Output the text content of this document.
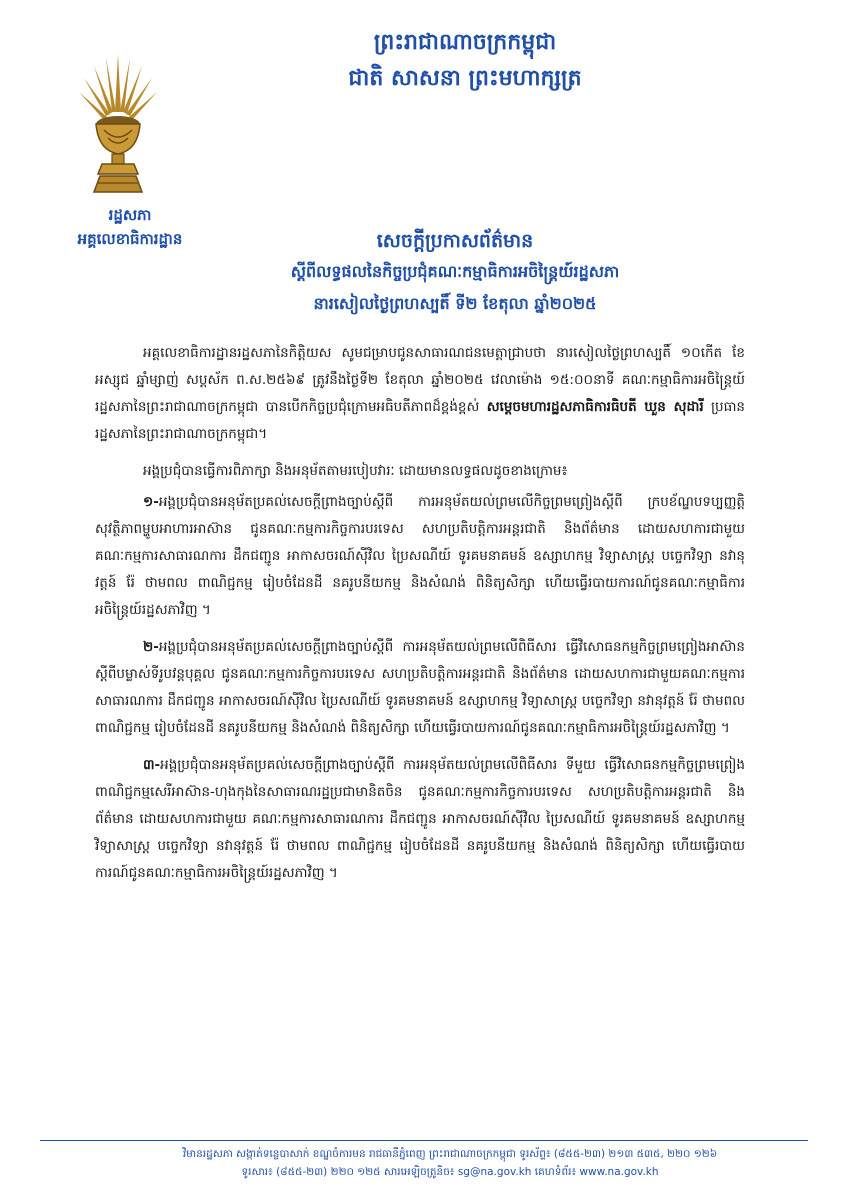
ព្រះរាជាណាចក្រកម្ពុជា
ជាតិ សាសនា ព្រះមហាក្សត្រ
រដ្ឋសភា
អគ្គលេខាធិការដ្ឋាន	សេចក្តីប្រកាសព័ត៌មាន
ស្តីពីលទ្ធផលនៃកិច្ចប្រជុំគណៈកម្មាធិការអចិន្ត្រៃយ៍រដ្ឋសភា
នារសៀលថ្ងៃព្រហស្បតិ៍ ទី២ ខែតុលា ឆ្នាំ២០២៥

អគ្គលេខាធិការដ្ឋានរដ្ឋសភានៃកិត្តិយស សូមជម្រាបជូនសាធារណជនមេត្តាជ្រាបថា នារសៀលថ្ងៃព្រហស្បតិ៍ ១០កើត ខែអស្សុជ ឆ្នាំម្សាញ់ សប្តស័ក ព.ស.២៥៦៩ ត្រូវនឹងថ្ងៃទី២ ខែតុលា ឆ្នាំ២០២៥ វេលាម៉ោង ១៥:០០នាទី គណៈកម្មាធិការអចិន្ត្រៃយ៍រដ្ឋសភានៃព្រះរាជាណាចក្រកម្ពុជា បានបើកកិច្ចប្រជុំក្រោមអធិបតីភាពដ៏ខ្ពង់ខ្ពស់ សម្តេចមហារដ្ឋសភាធិការធិបតី ឃួន សុដារី ប្រធានរដ្ឋសភានៃព្រះរាជាណាចក្រកម្ពុជា។

អង្គប្រជុំបានធ្វើការពិភាក្សា និងអនុម័តតាមរបៀបវារៈ ដោយមានលទ្ធផលដូចខាងក្រោម៖

១-អង្គប្រជុំបានអនុម័តប្រគល់សេចក្តីព្រាងច្បាប់ស្តីពី ការអនុម័តយល់ព្រមលើកិច្ចព្រមព្រៀងស្តីពី ក្របខ័ណ្ឌបទប្បញ្ញត្តិសុវត្ថិភាពម្ហូបអាហារអាស៊ាន ជូនគណៈកម្មការកិច្ចការបរទេស សហប្រតិបត្តិការអន្តរជាតិ និងព័ត៌មាន ដោយសហការជាមួយ គណៈកម្មការសាធារណការ ដឹកជញ្ជូន អាកាសចរណ៍ស៊ីវិល ប្រៃសណីយ៍ ទូរគមនាគមន៍ ឧស្សាហកម្ម វិទ្យាសាស្ត្រ បច្ចេកវិទ្យា នវានុវត្តន៍ រ៉ែ ថាមពល ពាណិជ្ជកម្ម រៀបចំដែនដី នគរូបនីយកម្ម និងសំណង់ ពិនិត្យសិក្សា ហើយធ្វើរបាយការណ៍ជូនគណៈកម្មាធិការអចិន្ត្រៃយ៍រដ្ឋសភាវិញ ។

២-អង្គប្រជុំបានអនុម័តប្រគល់សេចក្តីព្រាងច្បាប់ស្តីពី ការអនុម័តយល់ព្រមលើពិធីសារ ធ្វើវិសោធនកម្មកិច្ចព្រមព្រៀងអាស៊ានស្តីពីបម្លាស់ទីរូបវន្តបុគ្គល ជូនគណៈកម្មការកិច្ចការបរទេស សហប្រតិបត្តិការអន្តរជាតិ និងព័ត៌មាន ដោយសហការជាមួយគណៈកម្មការសាធារណការ ដឹកជញ្ជូន អាកាសចរណ៍ស៊ីវិល ប្រៃសណីយ៍ ទូរគមនាគមន៍ ឧស្សាហកម្ម វិទ្យាសាស្ត្រ បច្ចេកវិទ្យា នវានុវត្តន៍ រ៉ែ ថាមពល ពាណិជ្ជកម្ម រៀបចំដែនដី នគរូបនីយកម្ម និងសំណង់ ពិនិត្យសិក្សា ហើយធ្វើរបាយការណ៍ជូនគណៈកម្មាធិការអចិន្ត្រៃយ៍រដ្ឋសភាវិញ ។

៣-អង្គប្រជុំបានអនុម័តប្រគល់សេចក្តីព្រាងច្បាប់ស្តីពី ការអនុម័តយល់ព្រមលើពិធីសារ ទីមួយ ធ្វើវិសោធនកម្មកិច្ចព្រមព្រៀងពាណិជ្ជកម្មសេរីអាស៊ាន-ហុងកុងនៃសាធារណរដ្ឋប្រជាមានិតចិន ជូនគណៈកម្មការកិច្ចការបរទេស សហប្រតិបត្តិការអន្តរជាតិ និងព័ត៌មាន ដោយសហការជាមួយ គណៈកម្មការសាធារណការ ដឹកជញ្ជូន អាកាសចរណ៍ស៊ីវិល ប្រៃសណីយ៍ ទូរគមនាគមន៍ ឧស្សាហកម្ម វិទ្យាសាស្ត្រ បច្ចេកវិទ្យា នវានុវត្តន៍ រ៉ែ ថាមពល ពាណិជ្ជកម្ម រៀបចំដែនដី នគរូបនីយកម្ម និងសំណង់ ពិនិត្យសិក្សា ហើយធ្វើរបាយការណ៍ជូនគណៈកម្មាធិការអចិន្ត្រៃយ៍រដ្ឋសភាវិញ ។

វិមានរដ្ឋសភា សង្កាត់ទន្លេបាសាក់ ខណ្ឌចំការមន រាជធានីភ្នំពេញ ព្រះរាជាណាចក្រកម្ពុជា ទូរស័ព្ទ៖ (៨៥៥-២៣) ២១៣ ៥៣៥, ២២០ ១២៦
ទូរសារ៖ (៨៥៥-២៣) ២២០ ១២៥ សារអេឡិចត្រូនិច៖ sg@na.gov.kh គេហទំព័រ៖ www.na.gov.kh
